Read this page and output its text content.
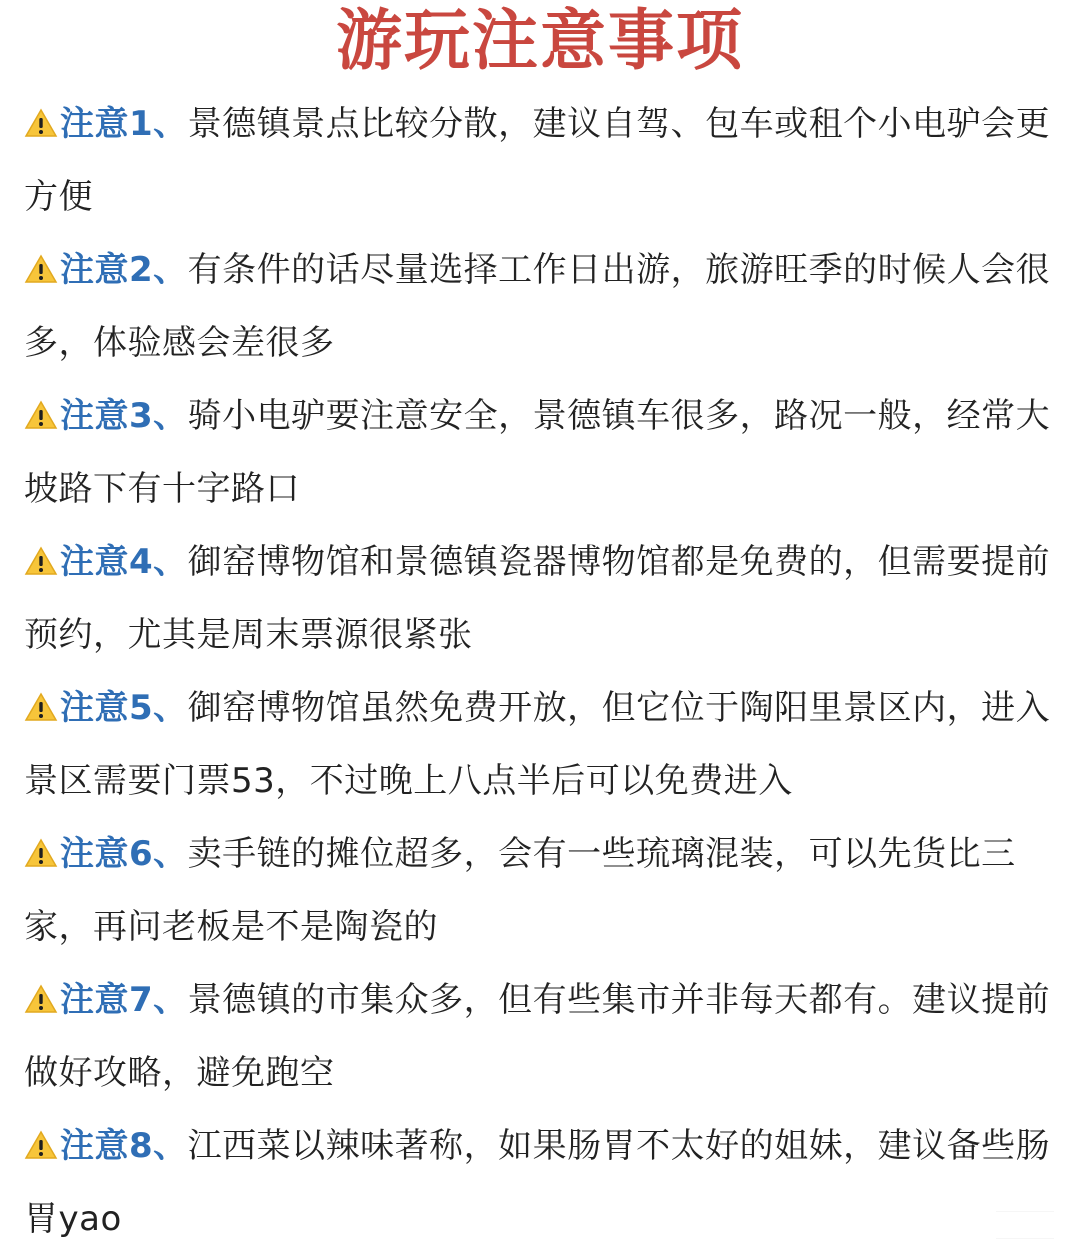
游玩注意事项
注意1、景德镇景点比较分散，建议自驾、包车或租个小电驴会更方便
注意2、有条件的话尽量选择工作日出游，旅游旺季的时候人会很多，体验感会差很多
注意3、骑小电驴要注意安全，景德镇车很多，路况一般，经常大坡路下有十字路口
注意4、御窑博物馆和景德镇瓷器博物馆都是免费的，但需要提前预约，尤其是周末票源很紧张
注意5、御窑博物馆虽然免费开放，但它位于陶阳里景区内，进入景区需要门票53，不过晚上八点半后可以免费进入
注意6、卖手链的摊位超多，会有一些琉璃混装，可以先货比三家，再问老板是不是陶瓷的
注意7、景德镇的市集众多，但有些集市并非每天都有。建议提前做好攻略，避免跑空
注意8、江西菜以辣味著称，如果肠胃不太好的姐妹，建议备些肠胃yao
